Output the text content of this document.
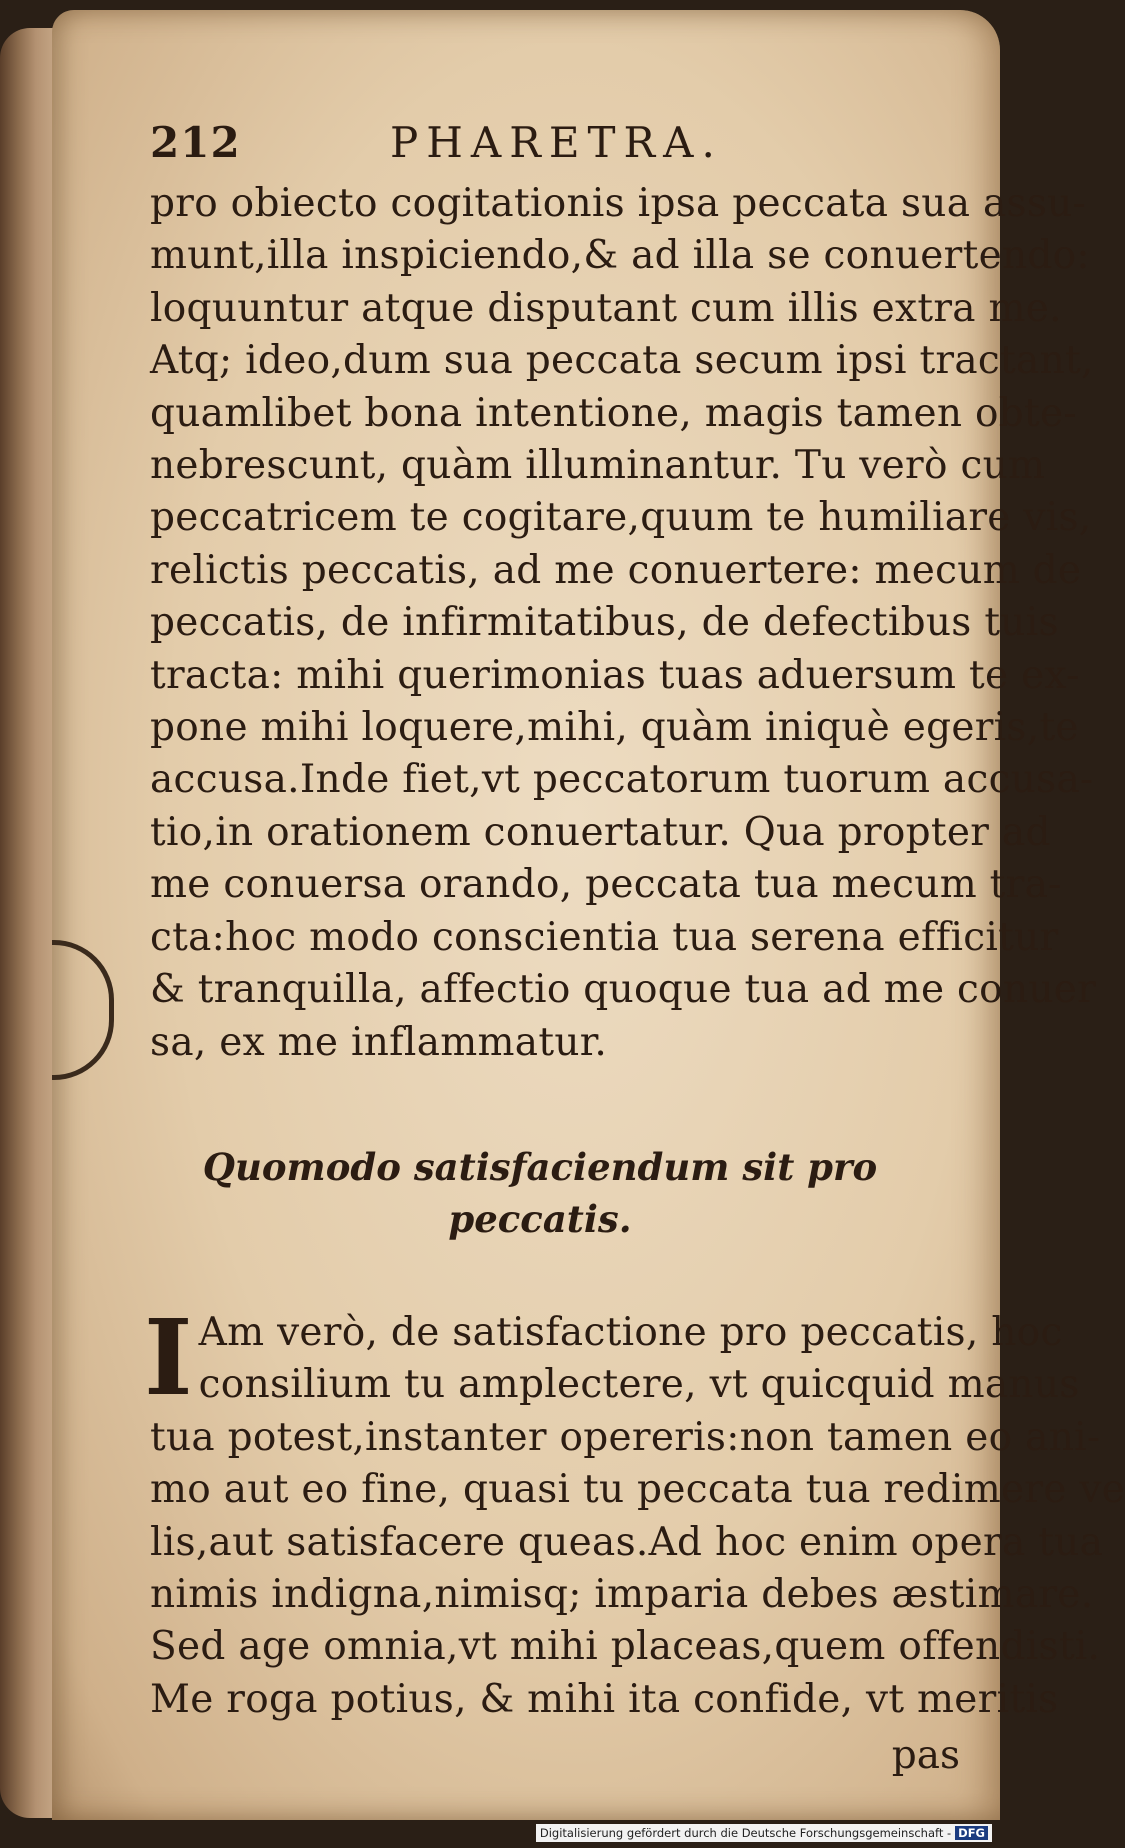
212	PHARETRA.
pro obiecto cogitationis ipsa peccata sua assu-
munt,illa inspiciendo,& ad illa se conuertendo:
loquuntur atque disputant cum illis extra me.
Atq; ideo,dum sua peccata secum ipsi tractant,
quamlibet bona intentione, magis tamen obte-
nebrescunt, quàm illuminantur. Tu verò cum
peccatricem te cogitare,quum te humiliare vis,
relictis peccatis, ad me conuertere: mecum de
peccatis, de infirmitatibus, de defectibus tuis
tracta: mihi querimonias tuas aduersum te ex-
pone mihi loquere,mihi, quàm iniquè egeris,te
accusa.Inde fiet,vt peccatorum tuorum accusa-
tio,in orationem conuertatur. Qua propter ad
me conuersa orando, peccata tua mecum tra-
cta:hoc modo conscientia tua serena efficitur
& tranquilla, affectio quoque tua ad me conuer
sa, ex me inflammatur.
Quomodo satisfaciendum sit pro
peccatis.
I Am verò, de satisfactione pro peccatis, hoc
consilium tu amplectere, vt quicquid manus
tua potest,instanter opereris:non tamen eo ani-
mo aut eo fine, quasi tu peccata tua redimere ve
lis,aut satisfacere queas.Ad hoc enim opera tua
nimis indigna,nimisq; imparia debes æstimare.
Sed age omnia,vt mihi placeas,quem offendisti.
Me roga potius, & mihi ita confide, vt meritis
pas
Digitalisierung gefördert durch die Deutsche Forschungsgemeinschaft - DFG
